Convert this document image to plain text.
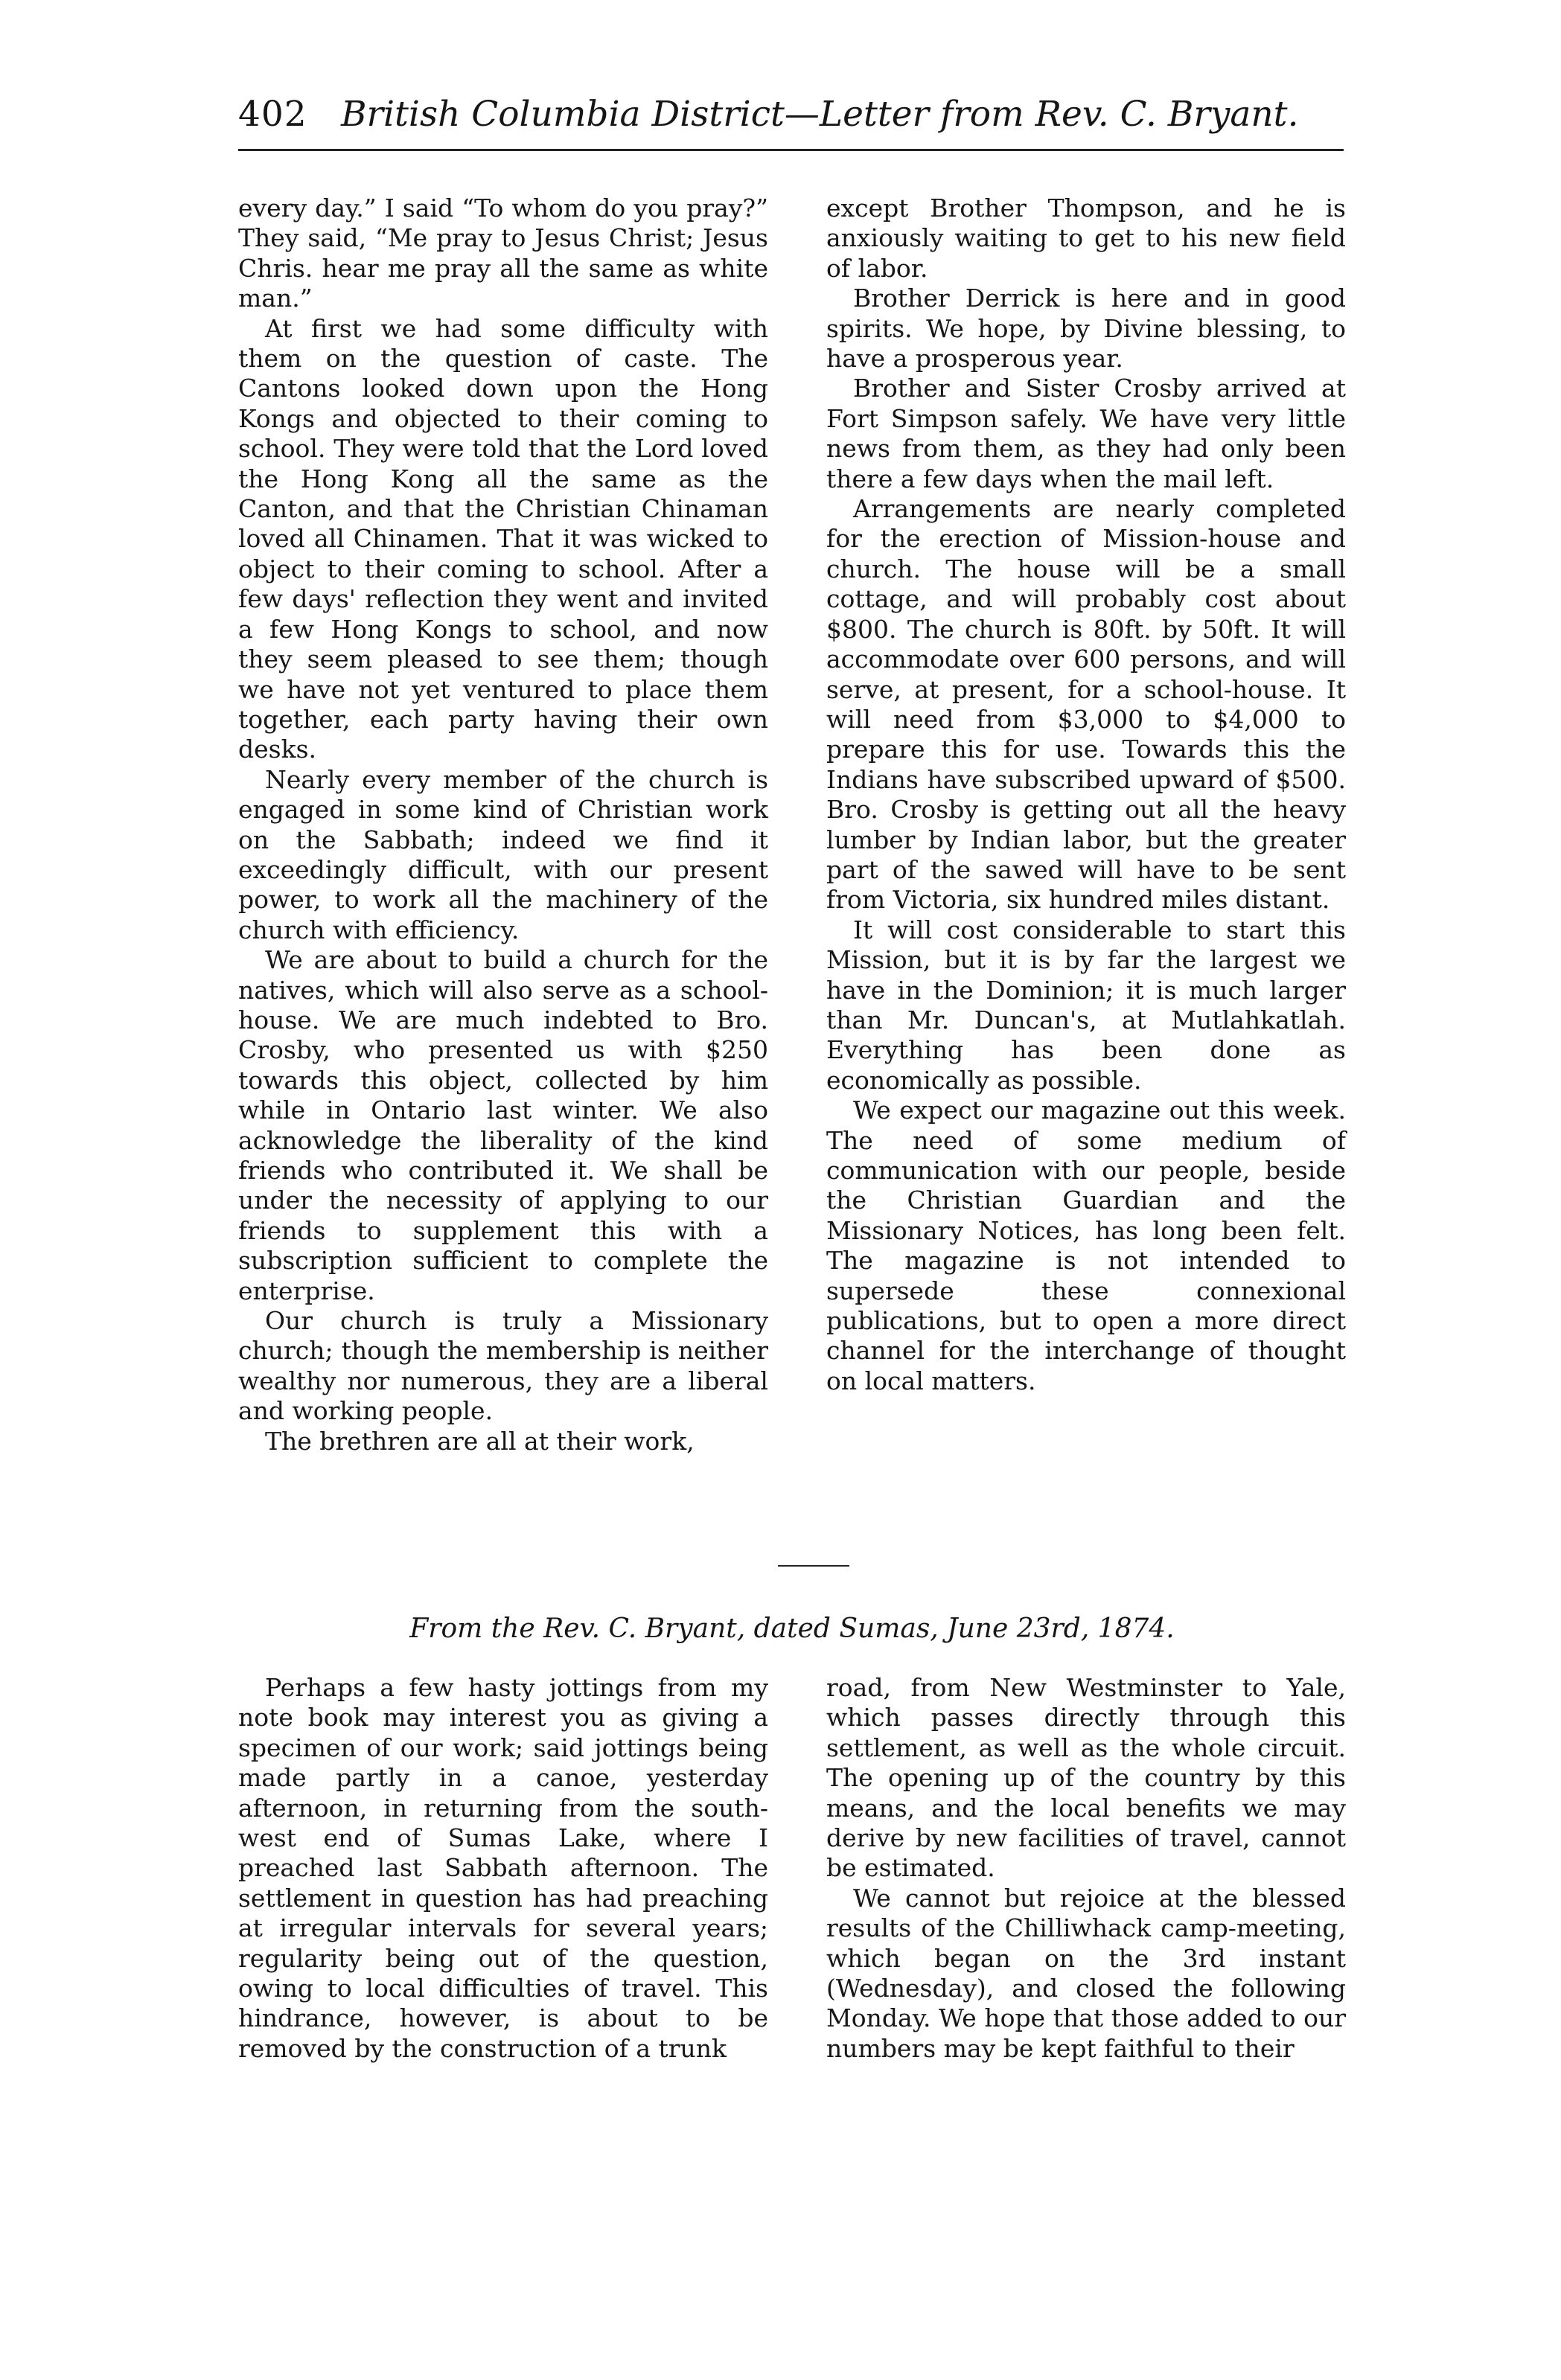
402 British Columbia District—Letter from Rev. C. Bryant.

every day.” I said “To whom do you pray?” They said, “Me pray to Jesus Christ; Jesus Chris. hear me pray all the same as white man.”

At first we had some difficulty with them on the question of caste. The Cantons looked down upon the Hong Kongs and objected to their coming to school. They were told that the Lord loved the Hong Kong all the same as the Canton, and that the Christian Chinaman loved all Chinamen. That it was wicked to object to their coming to school. After a few days' reflection they went and invited a few Hong Kongs to school, and now they seem pleased to see them; though we have not yet ventured to place them together, each party having their own desks.

Nearly every member of the church is engaged in some kind of Christian work on the Sabbath; indeed we find it exceedingly difficult, with our present power, to work all the machinery of the church with efficiency.

We are about to build a church for the natives, which will also serve as a school-house. We are much indebted to Bro. Crosby, who presented us with $250 towards this object, collected by him while in Ontario last winter. We also acknowledge the liberality of the kind friends who contributed it. We shall be under the necessity of applying to our friends to supplement this with a subscription sufficient to complete the enterprise.

Our church is truly a Missionary church; though the membership is neither wealthy nor numerous, they are a liberal and working people.

The brethren are all at their work,

except Brother Thompson, and he is anxiously waiting to get to his new field of labor.

Brother Derrick is here and in good spirits. We hope, by Divine blessing, to have a prosperous year.

Brother and Sister Crosby arrived at Fort Simpson safely. We have very little news from them, as they had only been there a few days when the mail left.

Arrangements are nearly completed for the erection of Mission-house and church. The house will be a small cottage, and will probably cost about $800. The church is 80ft. by 50ft. It will accommodate over 600 persons, and will serve, at present, for a school-house. It will need from $3,000 to $4,000 to prepare this for use. Towards this the Indians have subscribed upward of $500. Bro. Crosby is getting out all the heavy lumber by Indian labor, but the greater part of the sawed will have to be sent from Victoria, six hundred miles distant.

It will cost considerable to start this Mission, but it is by far the largest we have in the Dominion; it is much larger than Mr. Duncan's, at Mutlahkatlah. Everything has been done as economically as possible.

We expect our magazine out this week. The need of some medium of communication with our people, beside the Christian Guardian and the Missionary Notices, has long been felt. The magazine is not intended to supersede these connexional publications, but to open a more direct channel for the interchange of thought on local matters.

From the Rev. C. Bryant, dated Sumas, June 23rd, 1874.

Perhaps a few hasty jottings from my note book may interest you as giving a specimen of our work; said jottings being made partly in a canoe, yesterday afternoon, in returning from the south-west end of Sumas Lake, where I preached last Sabbath afternoon. The settlement in question has had preaching at irregular intervals for several years; regularity being out of the question, owing to local difficulties of travel. This hindrance, however, is about to be removed by the construction of a trunk

road, from New Westminster to Yale, which passes directly through this settlement, as well as the whole circuit. The opening up of the country by this means, and the local benefits we may derive by new facilities of travel, cannot be estimated.

We cannot but rejoice at the blessed results of the Chilliwhack camp-meeting, which began on the 3rd instant (Wednesday), and closed the following Monday. We hope that those added to our numbers may be kept faithful to their
